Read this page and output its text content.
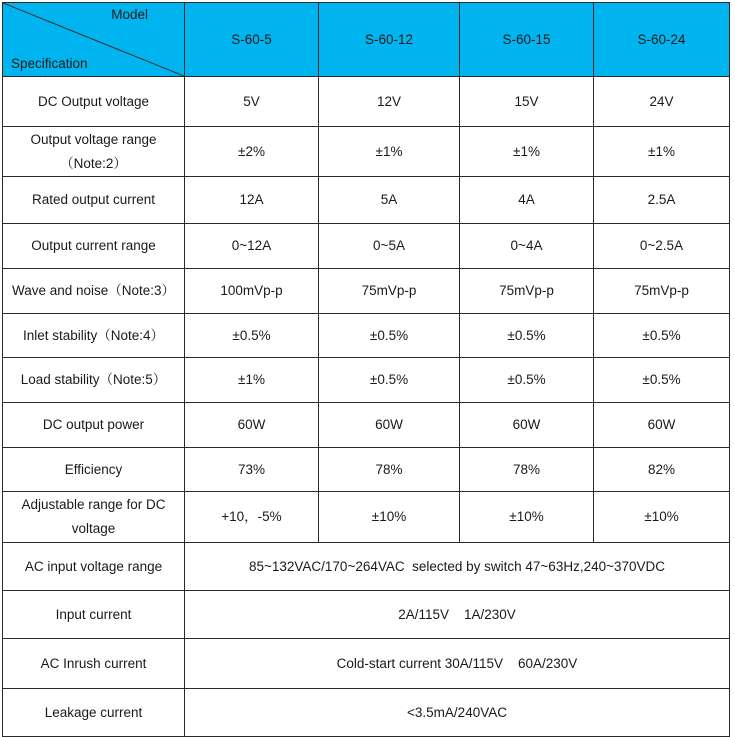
Model
Specification	S-60-5	S-60-12	S-60-15	S-60-24
DC Output voltage	5V	12V	15V	24V
Output voltage range（Note:2）	±2%	±1%	±1%	±1%
Rated output current	12A	5A	4A	2.5A
Output current range	0~12A	0~5A	0~4A	0~2.5A
Wave and noise（Note:3）	100mVp-p	75mVp-p	75mVp-p	75mVp-p
Inlet stability（Note:4）	±0.5%	±0.5%	±0.5%	±0.5%
Load stability（Note:5）	±1%	±0.5%	±0.5%	±0.5%
DC output power	60W	60W	60W	60W
Efficiency	73%	78%	78%	82%
Adjustable range for DC voltage	+10，-5%	±10%	±10%	±10%
AC input voltage range	85~132VAC/170~264VAC  selected by switch 47~63Hz,240~370VDC			
Input current	2A/115V    1A/230V			
AC Inrush current	Cold-start current 30A/115V    60A/230V			
Leakage current	<3.5mA/240VAC			
